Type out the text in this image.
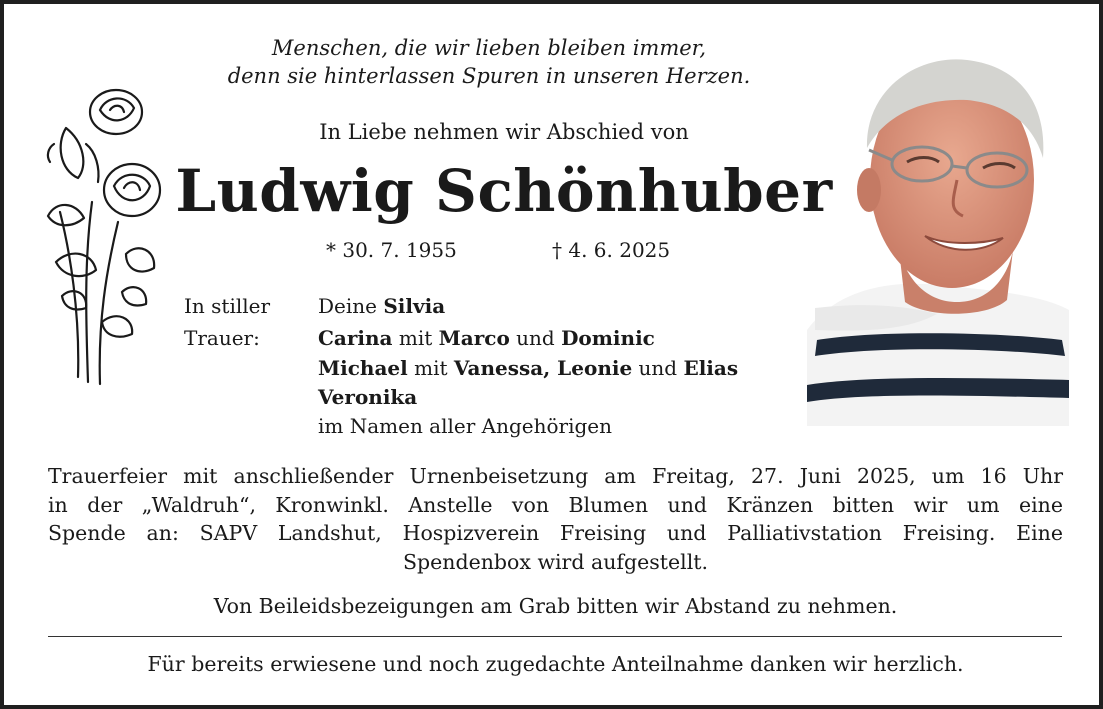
Menschen, die wir lieben bleiben immer,
denn sie hinterlassen Spuren in unseren Herzen.
In Liebe nehmen wir Abschied von
Ludwig Schönhuber
* 30. 7. 1955	† 4. 6. 2025
In stiller
Trauer:
Deine Silvia
Carina mit Marco und Dominic
Michael mit Vanessa, Leonie und Elias
Veronika
im Namen aller Angehörigen
Trauerfeier mit anschließender Urnenbeisetzung am Freitag, 27. Juni 2025, um 16 Uhr
in der „Waldruh“, Kronwinkl. Anstelle von Blumen und Kränzen bitten wir um eine
Spende an: SAPV Landshut, Hospizverein Freising und Palliativstation Freising. Eine
Spendenbox wird aufgestellt.
Von Beileidsbezeigungen am Grab bitten wir Abstand zu nehmen.
Für bereits erwiesene und noch zugedachte Anteilnahme danken wir herzlich.
